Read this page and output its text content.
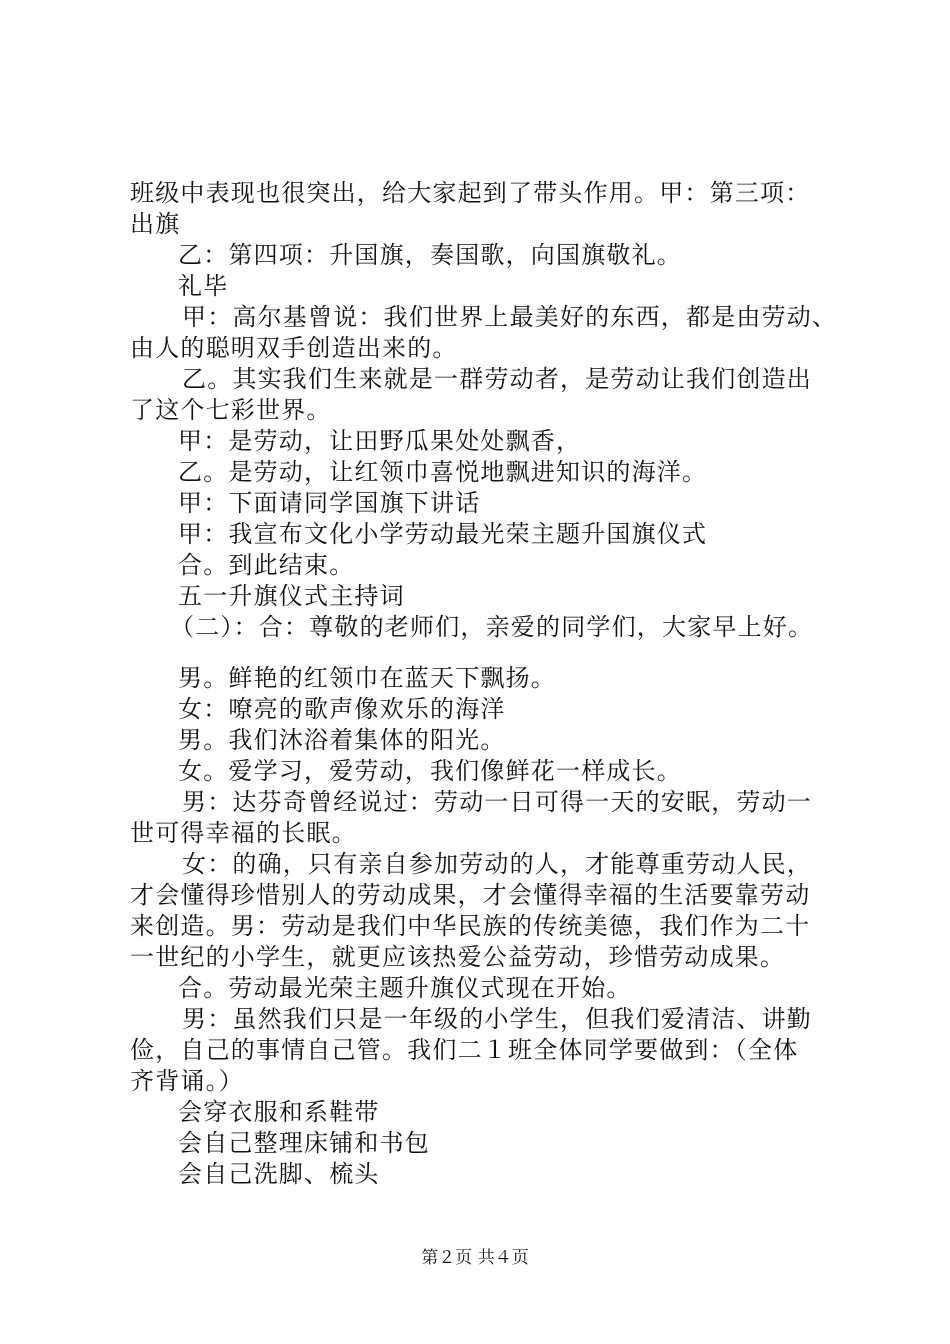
班级中表现也很突出，给大家起到了带头作用。甲：第三项：
出旗
乙：第四项：升国旗，奏国歌，向国旗敬礼。
礼毕
甲：高尔基曾说：我们世界上最美好的东西，都是由劳动、
由人的聪明双手创造出来的。
乙。其实我们生来就是一群劳动者，是劳动让我们创造出
了这个七彩世界。
甲：是劳动，让田野瓜果处处飘香，
乙。是劳动，让红领巾喜悦地飘进知识的海洋。
甲：下面请同学国旗下讲话
甲：我宣布文化小学劳动最光荣主题升国旗仪式
合。到此结束。
五一升旗仪式主持词
（二）：合：尊敬的老师们，亲爱的同学们，大家早上好。
男。鲜艳的红领巾在蓝天下飘扬。
女：嘹亮的歌声像欢乐的海洋
男。我们沐浴着集体的阳光。
女。爱学习，爱劳动，我们像鲜花一样成长。
男：达芬奇曾经说过：劳动一日可得一天的安眠，劳动一
世可得幸福的长眠。
女：的确，只有亲自参加劳动的人，才能尊重劳动人民，
才会懂得珍惜别人的劳动成果，才会懂得幸福的生活要靠劳动
来创造。男：劳动是我们中华民族的传统美德，我们作为二十
一世纪的小学生，就更应该热爱公益劳动，珍惜劳动成果。
合。劳动最光荣主题升旗仪式现在开始。
男：虽然我们只是一年级的小学生，但我们爱清洁、讲勤
俭，自己的事情自己管。我们二１班全体同学要做到：（全体
齐背诵。）
会穿衣服和系鞋带
会自己整理床铺和书包
会自己洗脚、梳头
第２页 共４页
